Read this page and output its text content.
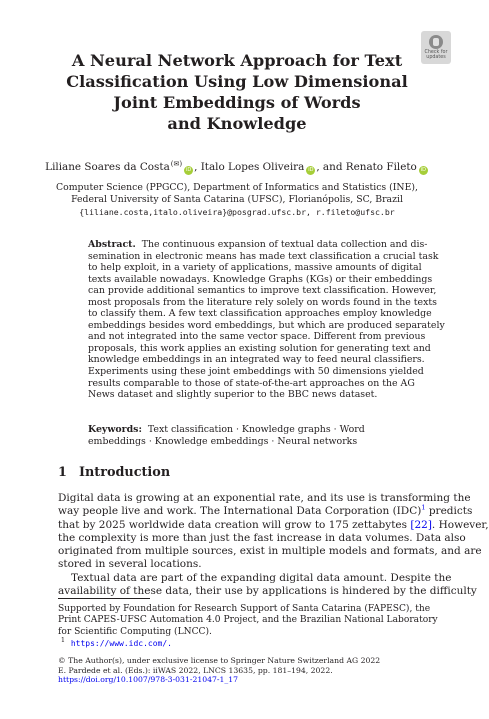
Check for
updates
A Neural Network Approach for Text
Classification Using Low Dimensional
Joint Embeddings of Words
and Knowledge
Liliane Soares da Costa(✉)iD , Italo Lopes Oliveira iD , and Renato Fileto iD
Computer Science (PPGCC), Department of Informatics and Statistics (INE),
Federal University of Santa Catarina (UFSC), Florianópolis, SC, Brazil
{liliane.costa,italo.oliveira}@posgrad.ufsc.br, r.fileto@ufsc.br
Abstract. The continuous expansion of textual data collection and dis-
semination in electronic means has made text classification a crucial task
to help exploit, in a variety of applications, massive amounts of digital
texts available nowadays. Knowledge Graphs (KGs) or their embeddings
can provide additional semantics to improve text classification. However,
most proposals from the literature rely solely on words found in the texts
to classify them. A few text classification approaches employ knowledge
embeddings besides word embeddings, but which are produced separately
and not integrated into the same vector space. Different from previous
proposals, this work applies an existing solution for generating text and
knowledge embeddings in an integrated way to feed neural classifiers.
Experiments using these joint embeddings with 50 dimensions yielded
results comparable to those of state-of-the-art approaches on the AG
News dataset and slightly superior to the BBC news dataset.
Keywords: Text classification · Knowledge graphs · Word
embeddings · Knowledge embeddings · Neural networks
1 Introduction
Digital data is growing at an exponential rate, and its use is transforming the
way people live and work. The International Data Corporation (IDC)$^1$ predicts
that by 2025 worldwide data creation will grow to 175 zettabytes [22]. However,
the complexity is more than just the fast increase in data volumes. Data also
originated from multiple sources, exist in multiple models and formats, and are
stored in several locations.
Textual data are part of the expanding digital data amount. Despite the
availability of these data, their use by applications is hindered by the difficulty
Supported by Foundation for Research Support of Santa Catarina (FAPESC), the
Print CAPES-UFSC Automation 4.0 Project, and the Brazilian National Laboratory
for Scientific Computing (LNCC).
$^1$ https://www.idc.com/.
© The Author(s), under exclusive license to Springer Nature Switzerland AG 2022
E. Pardede et al. (Eds.): iiWAS 2022, LNCS 13635, pp. 181–194, 2022.
https://doi.org/10.1007/978-3-031-21047-1_17
